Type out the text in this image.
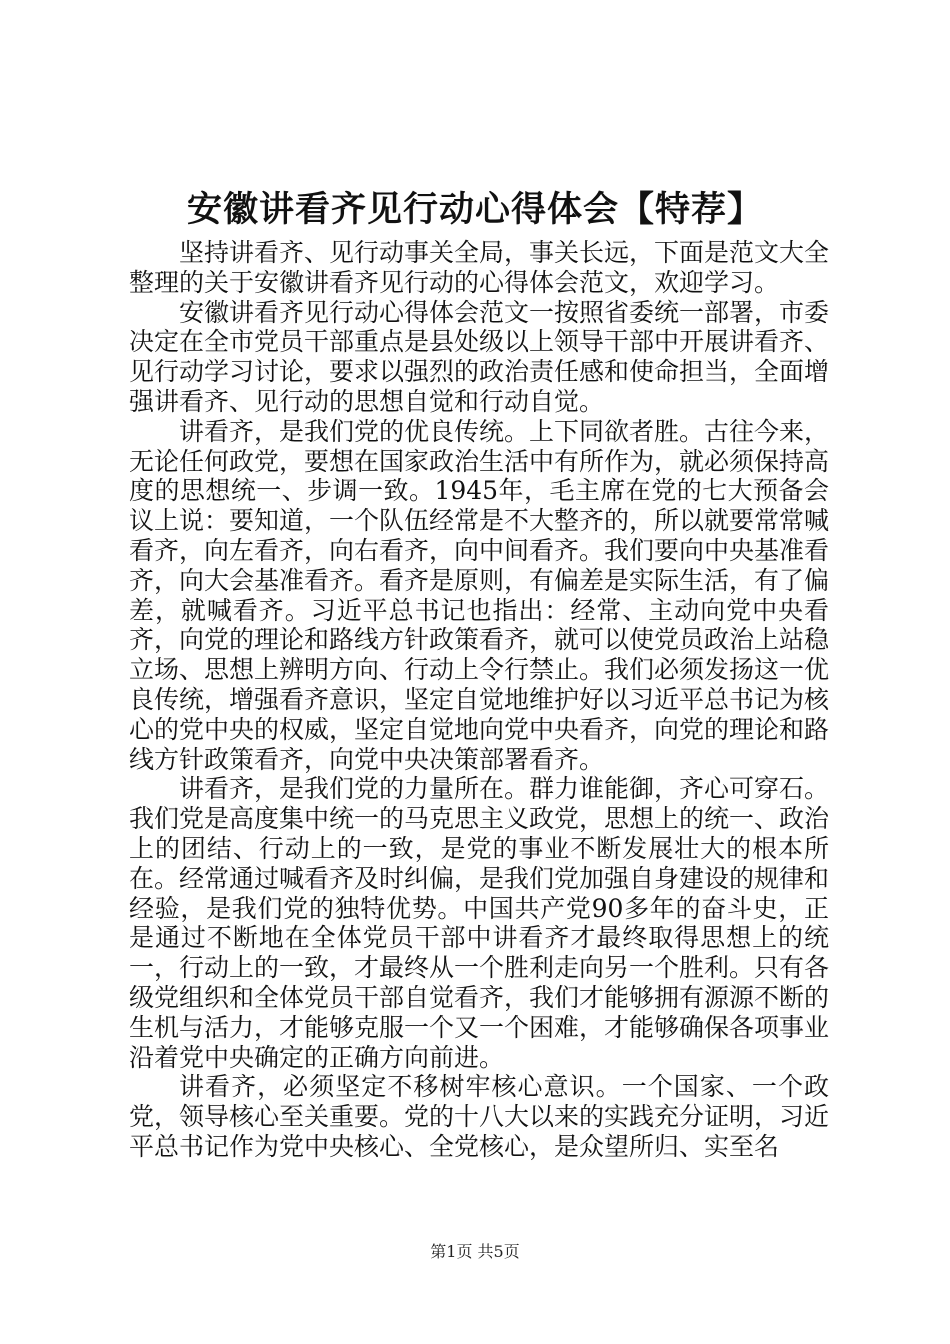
安徽讲看齐见行动心得体会【特荐】

坚持讲看齐、见行动事关全局，事关长远，下面是范文大全整理的关于安徽讲看齐见行动的心得体会范文，欢迎学习。

安徽讲看齐见行动心得体会范文一按照省委统一部署，市委决定在全市党员干部重点是县处级以上领导干部中开展讲看齐、见行动学习讨论，要求以强烈的政治责任感和使命担当，全面增强讲看齐、见行动的思想自觉和行动自觉。

讲看齐，是我们党的优良传统。上下同欲者胜。古往今来，无论任何政党，要想在国家政治生活中有所作为，就必须保持高度的思想统一、步调一致。1945年，毛主席在党的七大预备会议上说：要知道，一个队伍经常是不大整齐的，所以就要常常喊看齐，向左看齐，向右看齐，向中间看齐。我们要向中央基准看齐，向大会基准看齐。看齐是原则，有偏差是实际生活，有了偏差，就喊看齐。习近平总书记也指出：经常、主动向党中央看齐，向党的理论和路线方针政策看齐，就可以使党员政治上站稳立场、思想上辨明方向、行动上令行禁止。我们必须发扬这一优良传统，增强看齐意识，坚定自觉地维护好以习近平总书记为核心的党中央的权威，坚定自觉地向党中央看齐，向党的理论和路线方针政策看齐，向党中央决策部署看齐。

讲看齐，是我们党的力量所在。群力谁能御，齐心可穿石。我们党是高度集中统一的马克思主义政党，思想上的统一、政治上的团结、行动上的一致，是党的事业不断发展壮大的根本所在。经常通过喊看齐及时纠偏，是我们党加强自身建设的规律和经验，是我们党的独特优势。中国共产党90多年的奋斗史，正是通过不断地在全体党员干部中讲看齐才最终取得思想上的统一，行动上的一致，才最终从一个胜利走向另一个胜利。只有各级党组织和全体党员干部自觉看齐，我们才能够拥有源源不断的生机与活力，才能够克服一个又一个困难，才能够确保各项事业沿着党中央确定的正确方向前进。

讲看齐，必须坚定不移树牢核心意识。一个国家、一个政党，领导核心至关重要。党的十八大以来的实践充分证明，习近平总书记作为党中央核心、全党核心，是众望所归、实至名

第1页 共5页
